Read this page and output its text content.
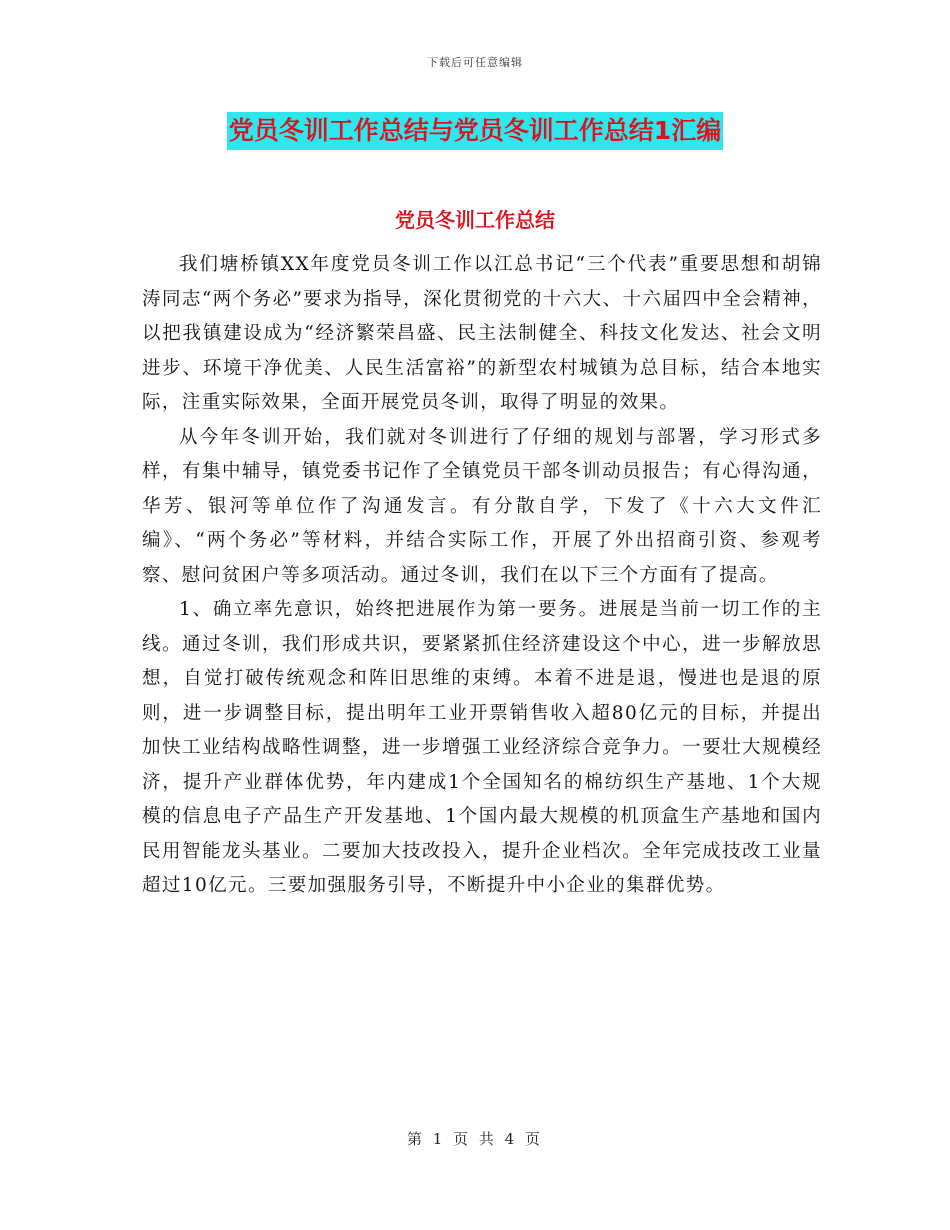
下载后可任意编辑
党员冬训工作总结与党员冬训工作总结1汇编
党员冬训工作总结

我们塘桥镇XX年度党员冬训工作以江总书记“三个代表”重要思想和胡锦涛同志“两个务必”要求为指导，深化贯彻党的十六大、十六届四中全会精神，以把我镇建设成为“经济繁荣昌盛、民主法制健全、科技文化发达、社会文明进步、环境干净优美、人民生活富裕”的新型农村城镇为总目标，结合本地实际，注重实际效果，全面开展党员冬训，取得了明显的效果。

从今年冬训开始，我们就对冬训进行了仔细的规划与部署，学习形式多样，有集中辅导，镇党委书记作了全镇党员干部冬训动员报告；有心得沟通，华芳、银河等单位作了沟通发言。有分散自学，下发了《十六大文件汇编》、“两个务必”等材料，并结合实际工作，开展了外出招商引资、参观考察、慰问贫困户等多项活动。通过冬训，我们在以下三个方面有了提高。

1、确立率先意识，始终把进展作为第一要务。进展是当前一切工作的主线。通过冬训，我们形成共识，要紧紧抓住经济建设这个中心，进一步解放思想，自觉打破传统观念和阵旧思维的束缚。本着不进是退，慢进也是退的原则，进一步调整目标，提出明年工业开票销售收入超80亿元的目标，并提出加快工业结构战略性调整，进一步增强工业经济综合竞争力。一要壮大规模经济，提升产业群体优势，年内建成1个全国知名的棉纺织生产基地、1个大规模的信息电子产品生产开发基地、1个国内最大规模的机顶盒生产基地和国内民用智能龙头基业。二要加大技改投入，提升企业档次。全年完成技改工业量超过10亿元。三要加强服务引导，不断提升中小企业的集群优势。

第 1 页 共 4 页
